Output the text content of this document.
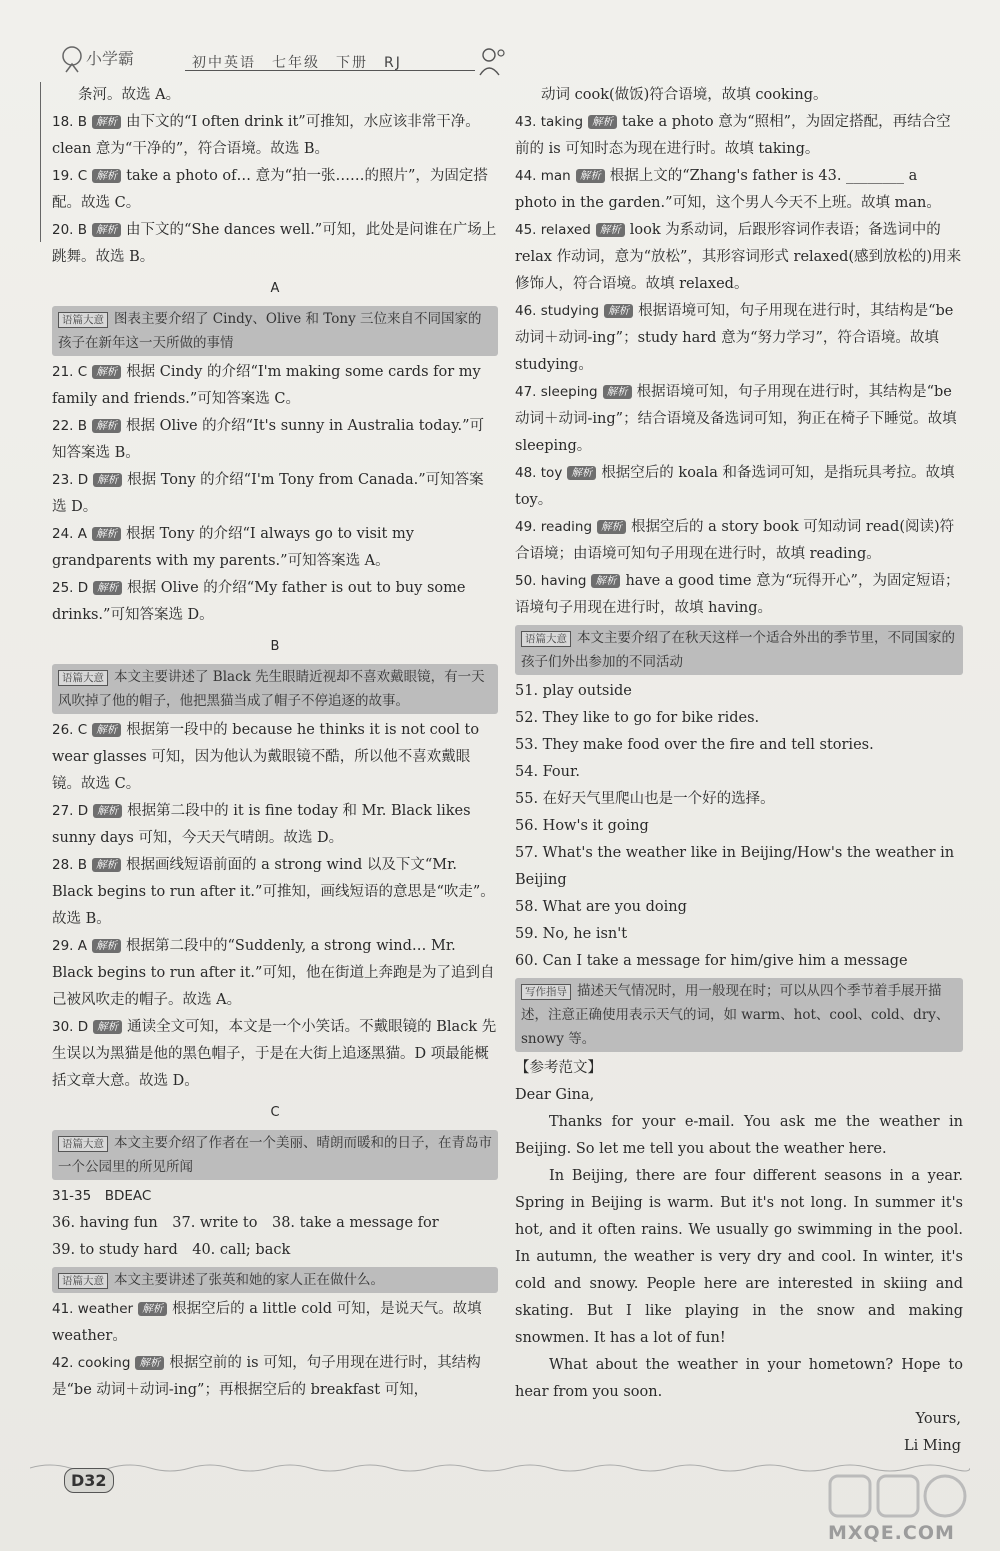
小学霸	初中英语　七年级　下册　RJ

条河。故选 A。

18. B 解析 由下文的“I often drink it”可推知，水应该非常干净。clean 意为“干净的”，符合语境。故选 B。

19. C 解析 take a photo of… 意为“拍一张……的照片”，为固定搭配。故选 C。

20. B 解析 由下文的“She dances well.”可知，此处是问谁在广场上跳舞。故选 B。

A
语篇大意 图表主要介绍了 Cindy、Olive 和 Tony 三位来自不同国家的孩子在新年这一天所做的事情

21. C 解析 根据 Cindy 的介绍“I'm making some cards for my family and friends.”可知答案选 C。

22. B 解析 根据 Olive 的介绍“It's sunny in Australia today.”可知答案选 B。

23. D 解析 根据 Tony 的介绍“I'm Tony from Canada.”可知答案选 D。

24. A 解析 根据 Tony 的介绍“I always go to visit my grandparents with my parents.”可知答案选 A。

25. D 解析 根据 Olive 的介绍“My father is out to buy some drinks.”可知答案选 D。

B
语篇大意 本文主要讲述了 Black 先生眼睛近视却不喜欢戴眼镜，有一天风吹掉了他的帽子，他把黑猫当成了帽子不停追逐的故事。

26. C 解析 根据第一段中的 because he thinks it is not cool to wear glasses 可知，因为他认为戴眼镜不酷，所以他不喜欢戴眼镜。故选 C。

27. D 解析 根据第二段中的 it is fine today 和 Mr. Black likes sunny days 可知，今天天气晴朗。故选 D。

28. B 解析 根据画线短语前面的 a strong wind 以及下文“Mr. Black begins to run after it.”可推知，画线短语的意思是“吹走”。故选 B。

29. A 解析 根据第二段中的“Suddenly, a strong wind… Mr. Black begins to run after it.”可知，他在街道上奔跑是为了追到自己被风吹走的帽子。故选 A。

30. D 解析 通读全文可知，本文是一个小笑话。不戴眼镜的 Black 先生误以为黑猫是他的黑色帽子，于是在大街上追逐黑猫。D 项最能概括文章大意。故选 D。

C
语篇大意 本文主要介绍了作者在一个美丽、晴朗而暖和的日子，在青岛市一个公园里的所见所闻

31-35　BDEAC

36. having fun　37. write to　38. take a message for

39. to study hard　40. call; back

语篇大意 本文主要讲述了张英和她的家人正在做什么。

41. weather 解析 根据空后的 a little cold 可知，是说天气。故填 weather。

42. cooking 解析 根据空前的 is 可知，句子用现在进行时，其结构是“be 动词＋动词-ing”；再根据空后的 breakfast 可知，

动词 cook(做饭)符合语境，故填 cooking。

43. taking 解析 take a photo 意为“照相”，为固定搭配，再结合空前的 is 可知时态为现在进行时。故填 taking。

44. man 解析 根据上文的“Zhang's father is 43. ________ a photo in the garden.”可知，这个男人今天不上班。故填 man。

45. relaxed 解析 look 为系动词，后跟形容词作表语；备选词中的 relax 作动词，意为“放松”，其形容词形式 relaxed(感到放松的)用来修饰人，符合语境。故填 relaxed。

46. studying 解析 根据语境可知，句子用现在进行时，其结构是“be 动词＋动词-ing”；study hard 意为“努力学习”，符合语境。故填 studying。

47. sleeping 解析 根据语境可知，句子用现在进行时，其结构是“be 动词＋动词-ing”；结合语境及备选词可知，狗正在椅子下睡觉。故填 sleeping。

48. toy 解析 根据空后的 koala 和备选词可知，是指玩具考拉。故填 toy。

49. reading 解析 根据空后的 a story book 可知动词 read(阅读)符合语境；由语境可知句子用现在进行时，故填 reading。

50. having 解析 have a good time 意为“玩得开心”，为固定短语；语境句子用现在进行时，故填 having。

语篇大意 本文主要介绍了在秋天这样一个适合外出的季节里，不同国家的孩子们外出参加的不同活动

51. play outside

52. They like to go for bike rides.

53. They make food over the fire and tell stories.

54. Four.

55. 在好天气里爬山也是一个好的选择。

56. How's it going

57. What's the weather like in Beijing/How's the weather in Beijing

58. What are you doing

59. No, he isn't

60. Can I take a message for him/give him a message

写作指导 描述天气情况时，用一般现在时；可以从四个季节着手展开描述，注意正确使用表示天气的词，如 warm、hot、cool、cold、dry、snowy 等。

【参考范文】

Dear Gina,

Thanks for your e-mail. You ask me the weather in Beijing. So let me tell you about the weather here.

In Beijing, there are four different seasons in a year. Spring in Beijing is warm. But it's not long. In summer it's hot, and it often rains. We usually go swimming in the pool. In autumn, the weather is very dry and cool. In winter, it's cold and snowy. People here are interested in skiing and skating. But I like playing in the snow and making snowmen. It has a lot of fun!

What about the weather in your hometown? Hope to hear from you soon.

Yours,

Li Ming

D32
MXQE.COM
